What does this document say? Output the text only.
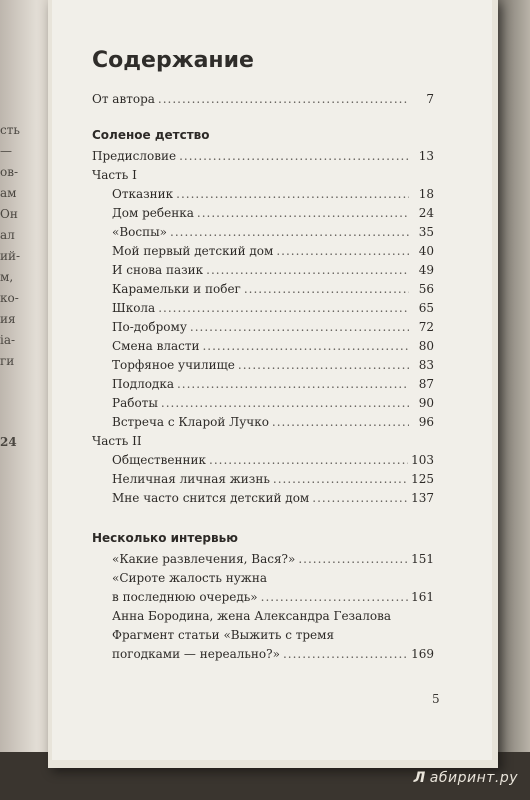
сть
—
ов-
ам
Он
ал
ий-
м,
ко-
ия
іа-
ги
24
Содержание
От автора .....	7
Соленое детство
Предисловие .....	13
Часть I
Отказник .....	18
Дом ребенка .....	24
«Воспы» .....	35
Мой первый детский дом .....	40
И снова пазик .....	49
Карамельки и побег .....	56
Школа .....	65
По-доброму .....	72
Смена власти .....	80
Торфяное училище .....	83
Подлодка .....	87
Работы .....	90
Встреча с Кларой Лучко .....	96
Часть II
Общественник .....	103
Неличная личная жизнь .....	125
Мне часто снится детский дом .....	137
Несколько интервью
«Какие развлечения, Вася?» .....	151
«Сироте жалость нужна
в последнюю очередь» .....	161
Анна Бородина, жена Александра Гезалова
Фрагмент статьи «Выжить с тремя
погодками — нереально?» .....	169
5
Л абиринт.ру
